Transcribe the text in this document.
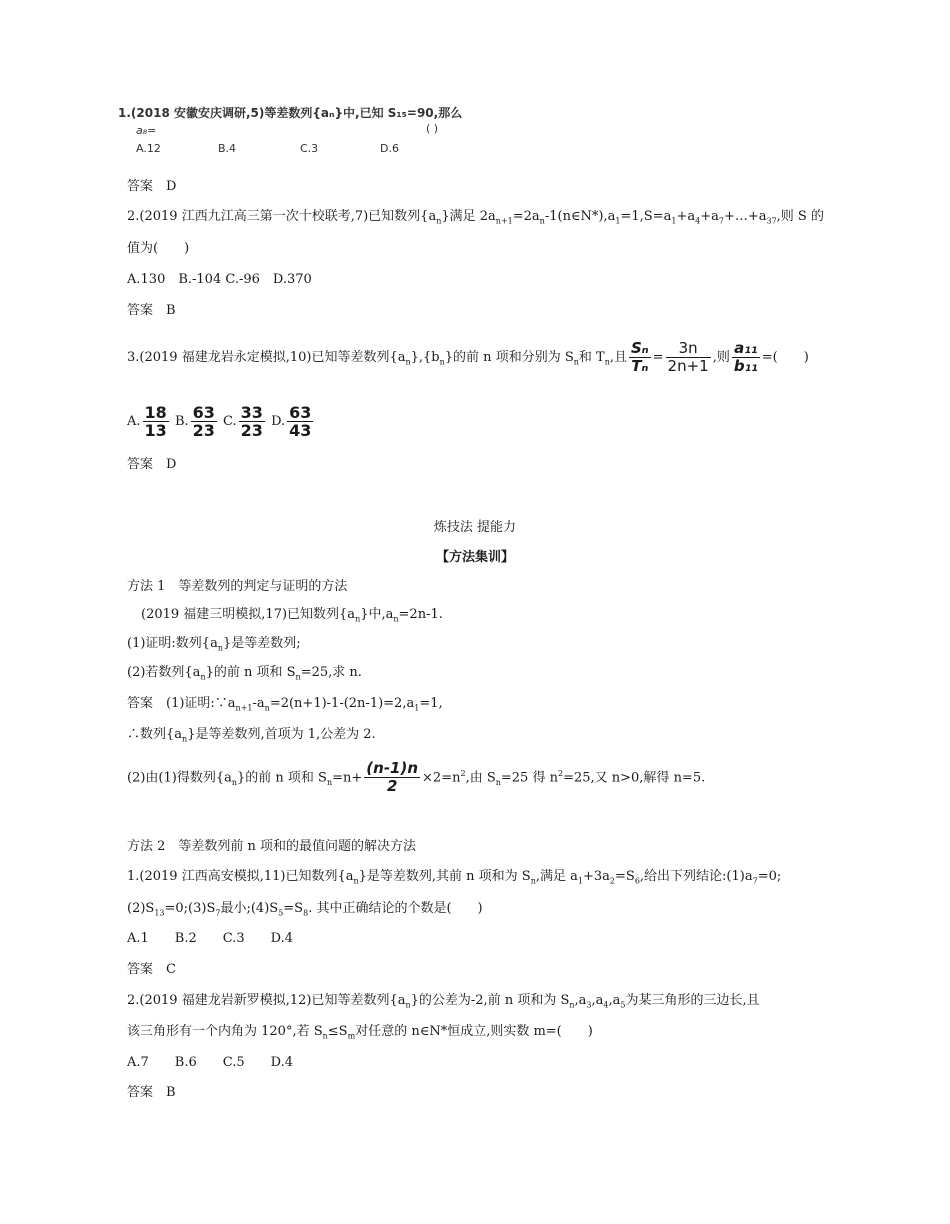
1.(2018 安徽安庆调研,5)等差数列{aₙ}中,已知 S₁₅=90,那么
a₈=	( )
A.12	B.4	C.3	D.6
答案　D
2.(2019 江西九江高三第一次十校联考,7)已知数列$\{a_n\}$满足 $2a_{n+1}=2a_n-1(n\in N*),a_1=1,S=a_1+a_4+a_7+\dots+a_{37}$,则 S 的
值为(　　)
A.130　B.-104 C.-96　D.370
答案　B
3.(2019 福建龙岩永定模拟,10)已知等差数列$\{a_n\},\{b_n\}$的前 n 项和分别为 $S_n$和 $T_n$,且 $\frac{\text{Sₙ}}{\text{Tₙ}} = \frac{3n}{2n+1}$ ,则 $\frac{\text{a₁₁}}{\text{b₁₁}}$ =(　　)
A. $\frac{18}{13} B$. $\frac{63}{23} C$. $\frac{33}{23} D$. $\frac{63}{43}$
答案　D
炼技法 提能力
【方法集训】
方法 1　等差数列的判定与证明的方法
(2019 福建三明模拟,17)已知数列$\{a_n\}$中$,a_n=2n-1$.
(1)证明:数列$\{a_n\}$是等差数列;
(2)若数列$\{a_n\}$的前 n 项和 $S_n=25$,求 n.
答案　(1)证明$:\because a_{n+1}-a_n=2(n+1)-1-(2n-1)=2,a_1=1$,
∴数列$\{a_n\}$是等差数列,首项为 1,公差为 2.
(2)由(1)得数列$\{a_n\}$的前 n 项和 $S_n=n+ \frac{(n-1)n}{2} \times 2=n^2$,由 $S_n=25$ 得 $n^2=25$,又 n>0,解得 n=5.
方法 2　等差数列前 n 项和的最值问题的解决方法
1.(2019 江西高安模拟,11)已知数列$\{a_n\}$是等差数列,其前 n 项和为 $S_n$,满足 $a_1+3a_2=S_6$,给出下列结论$:(1)a_7=0$;
$(2)S_{13}=0;(3)S_7$最小$;(4)S_5=S_8$. 其中正确结论的个数是(　　)
A.1　　B.2　　C.3　　D.4
答案　C
2.(2019 福建龙岩新罗模拟,12)已知等差数列$\{a_n\}$的公差为-2,前 n 项和为 $S_n,a_3,a_4,a_5$为某三角形的三边长,且
该三角形有一个内角为 120°,若 $S_n\le S_m$对任意的 n∈N*恒成立,则实数 m=(　　)
A.7　　B.6　　C.5　　D.4
答案　B
